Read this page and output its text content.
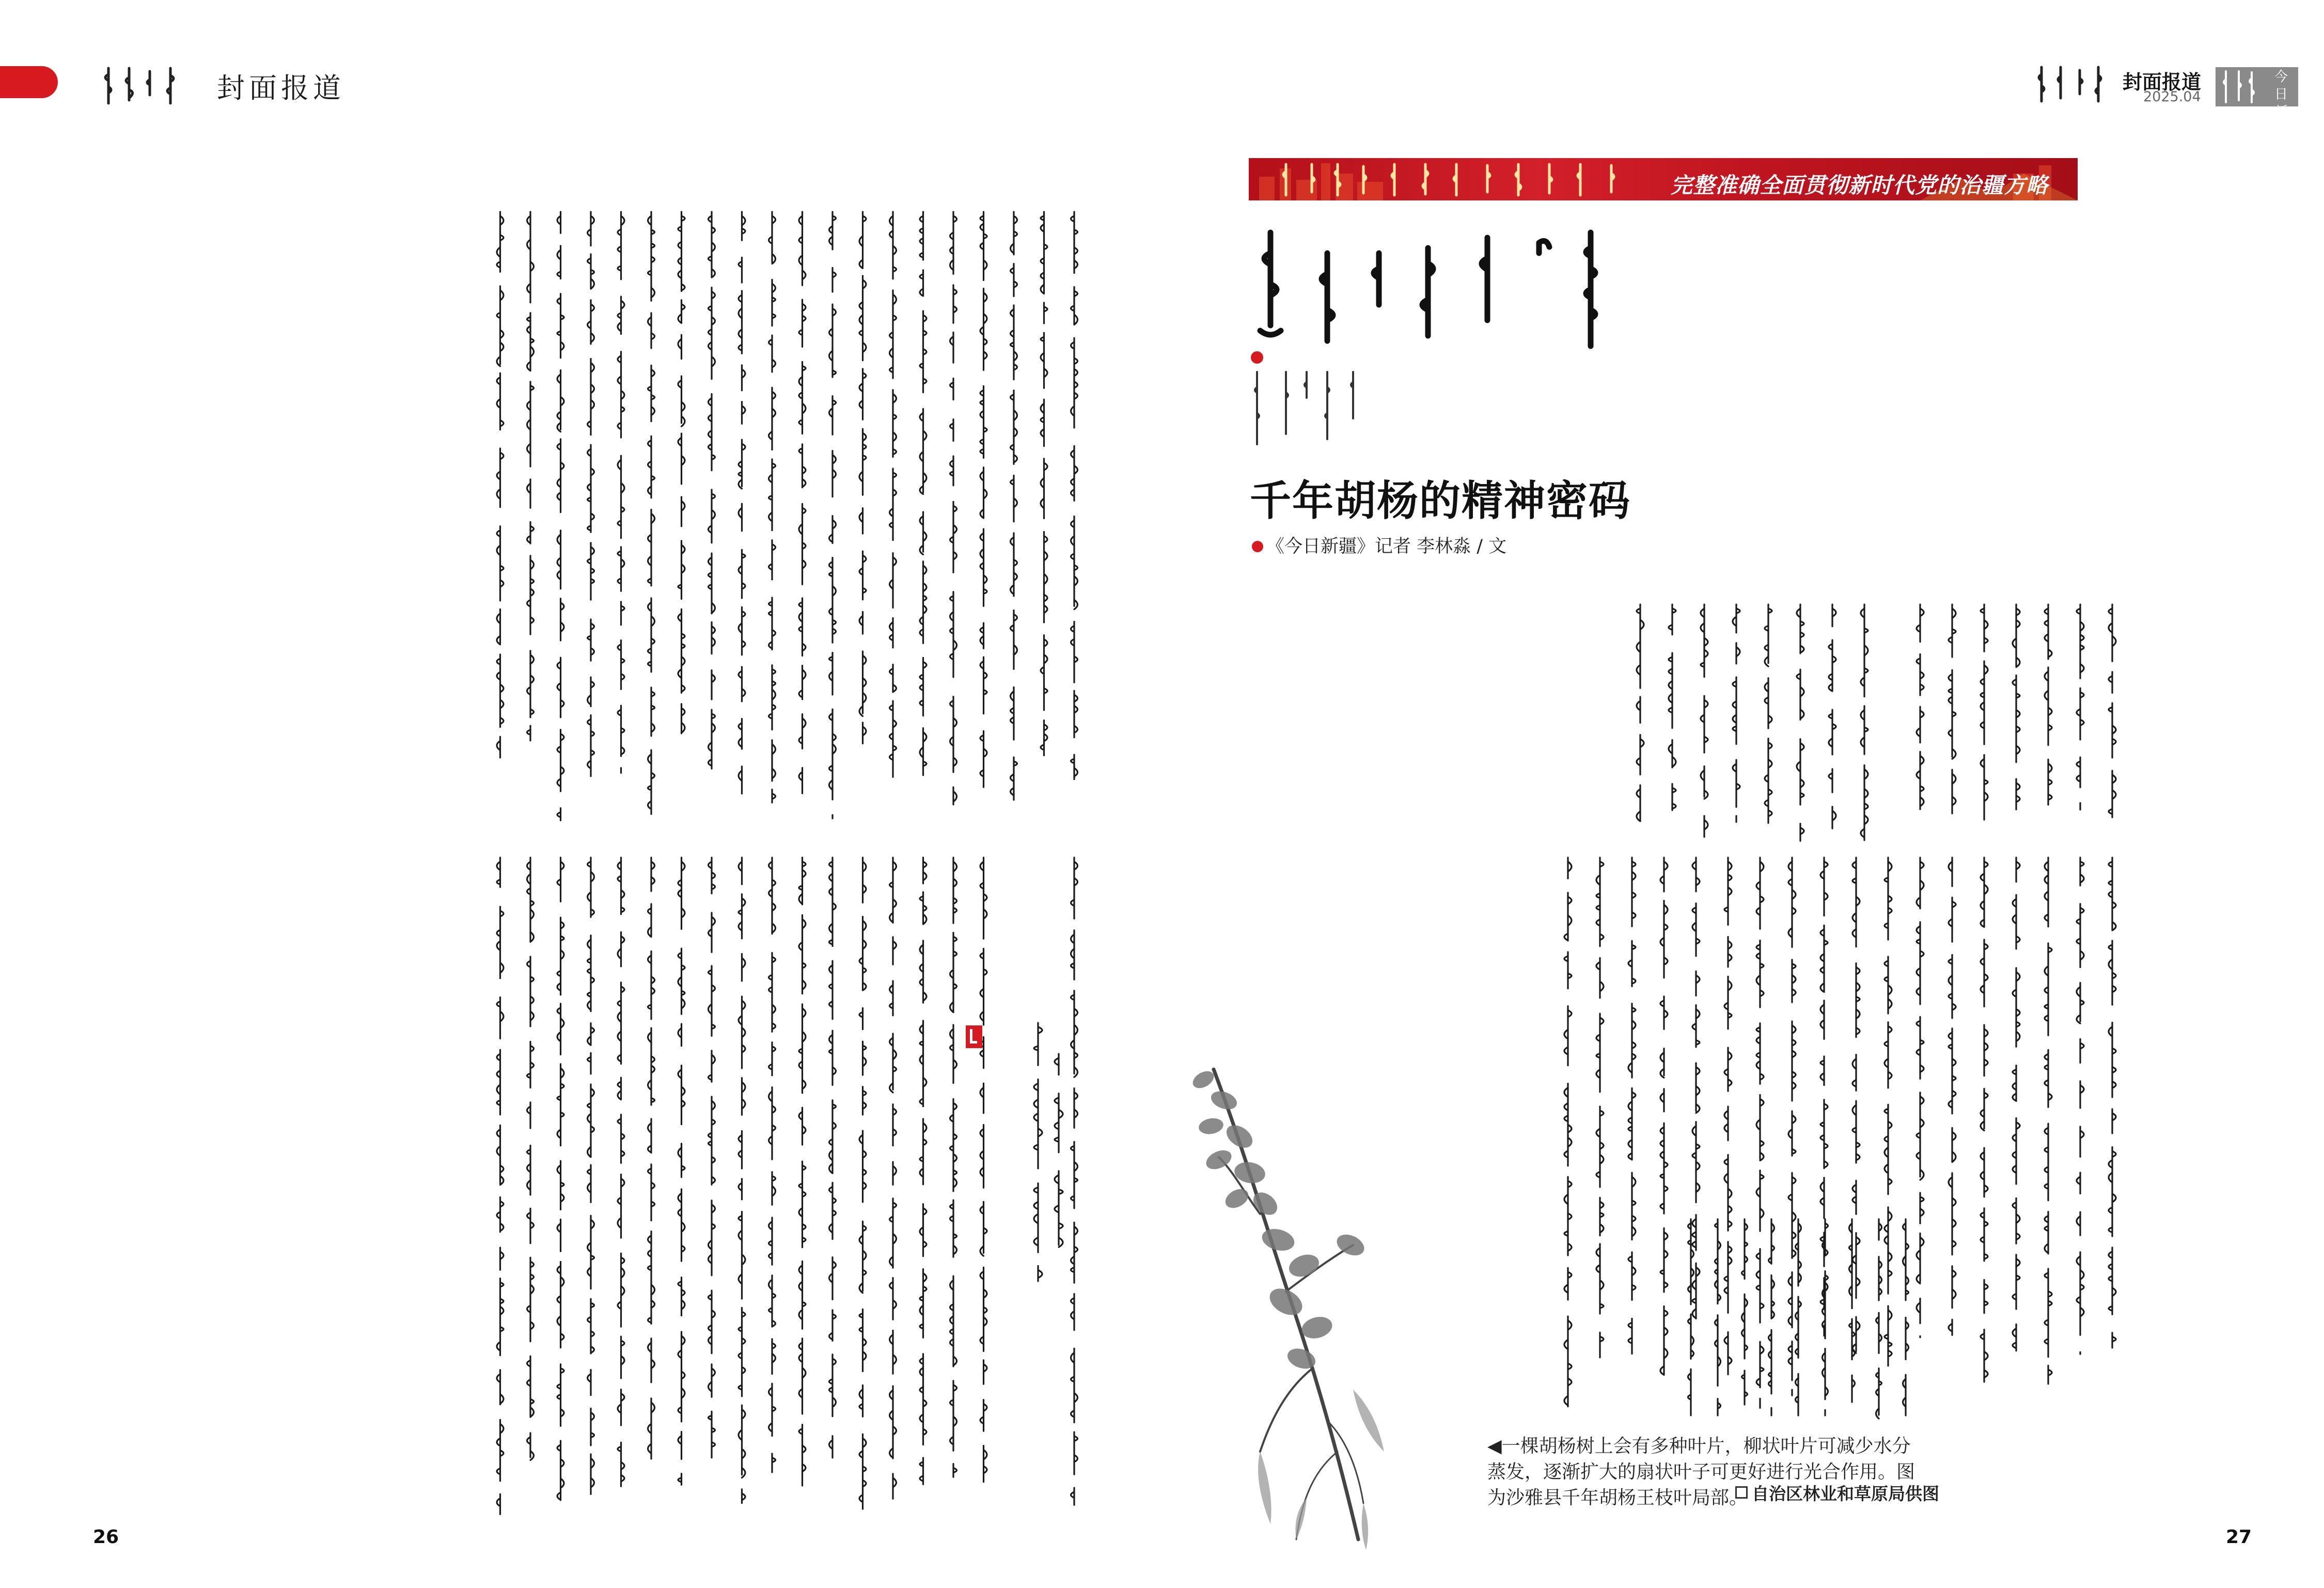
封面报道	封面报道
2025.04
今日新疆
完整准确全面贯彻新时代党的治疆方略
千年胡杨的精神密码
《今日新疆》记者 李林淼 / 文
◀一棵胡杨树上会有多种叶片，柳状叶片可减少水分蒸发，逐渐扩大的扇状叶子可更好进行光合作用。图为沙雅县千年胡杨王枝叶局部。 自治区林业和草原局供图
26	27
